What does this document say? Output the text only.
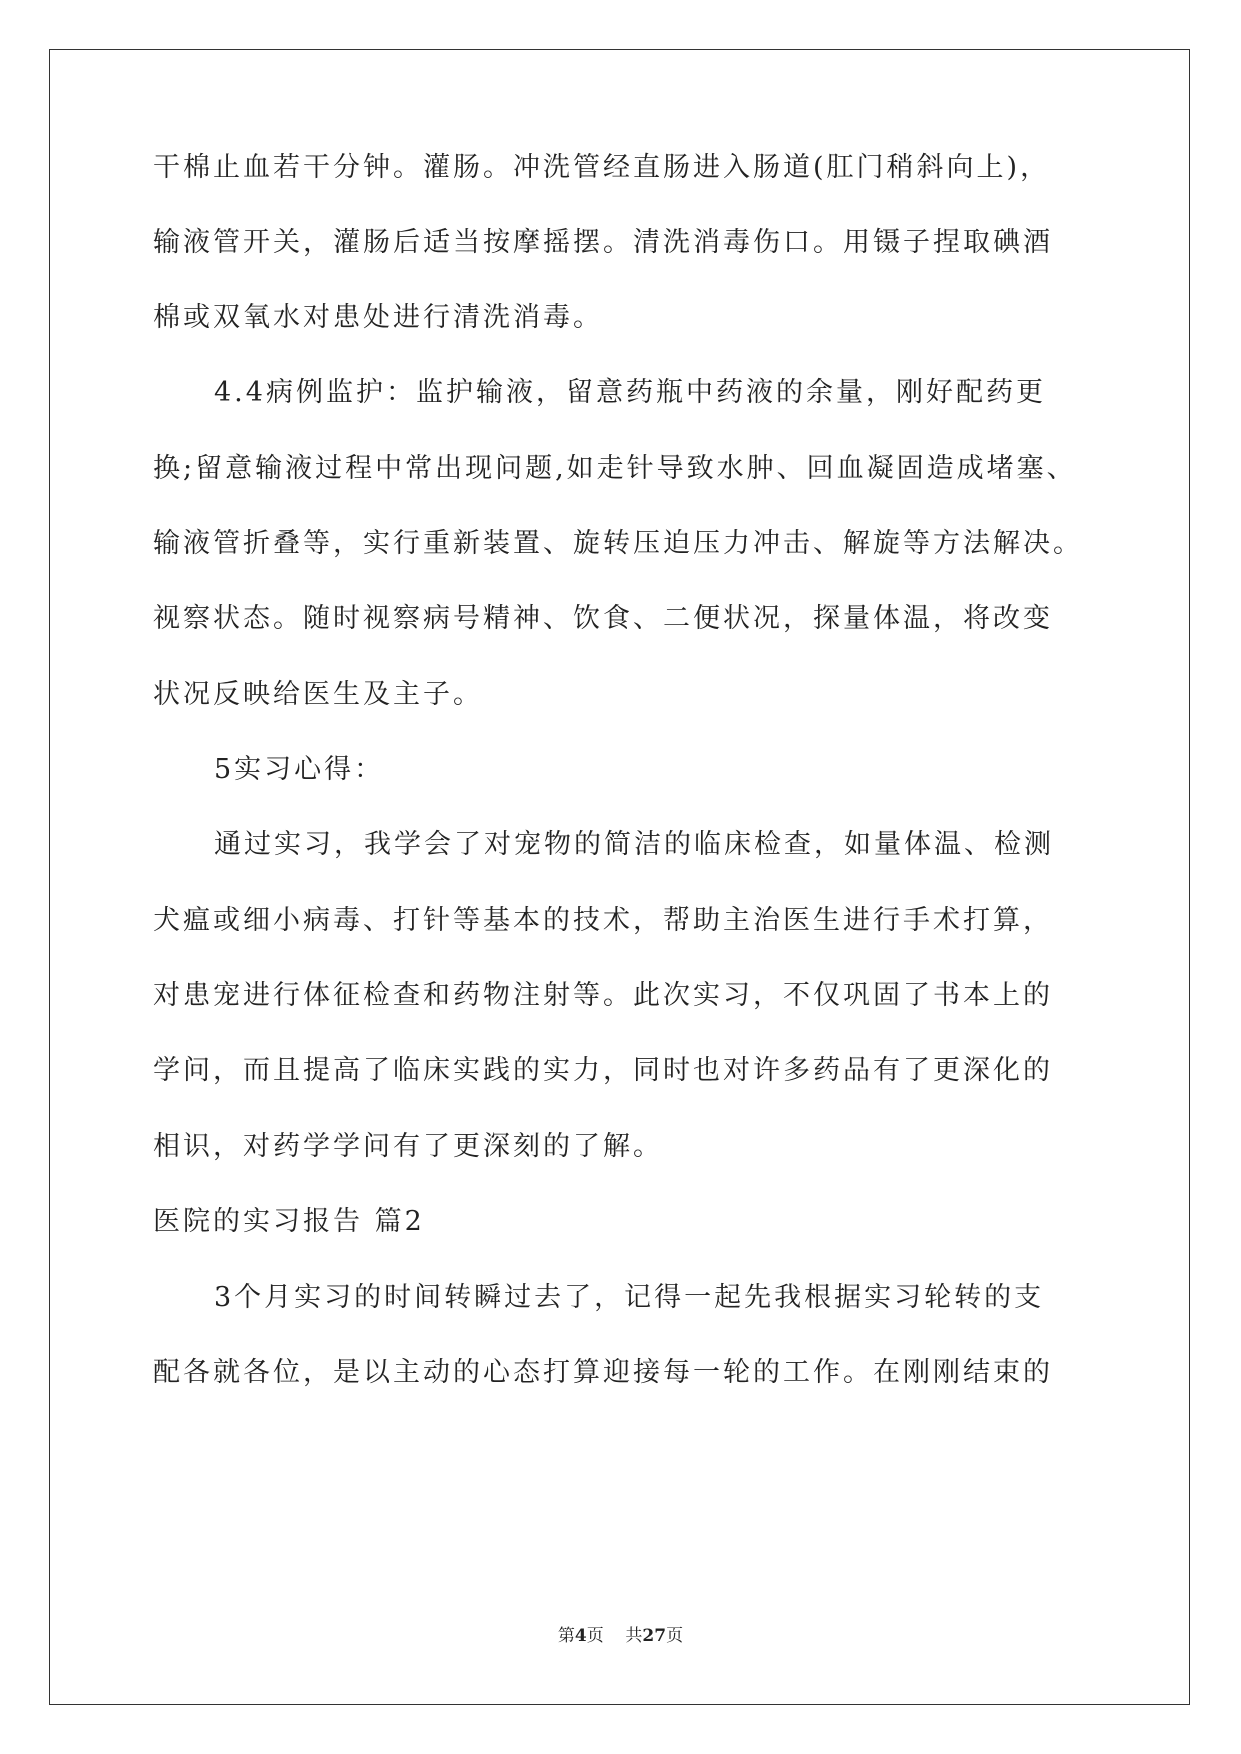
干棉止血若干分钟。灌肠。冲洗管经直肠进入肠道(肛门稍斜向上)，
输液管开关，灌肠后适当按摩摇摆。清洗消毒伤口。用镊子捏取碘酒
棉或双氧水对患处进行清洗消毒。
4.4病例监护：监护输液，留意药瓶中药液的余量，刚好配药更
换;留意输液过程中常出现问题,如走针导致水肿、回血凝固造成堵塞、
输液管折叠等，实行重新装置、旋转压迫压力冲击、解旋等方法解决。
视察状态。随时视察病号精神、饮食、二便状况，探量体温，将改变
状况反映给医生及主子。
5实习心得：
通过实习，我学会了对宠物的简洁的临床检查，如量体温、检测
犬瘟或细小病毒、打针等基本的技术，帮助主治医生进行手术打算，
对患宠进行体征检查和药物注射等。此次实习，不仅巩固了书本上的
学问，而且提高了临床实践的实力，同时也对许多药品有了更深化的
相识，对药学学问有了更深刻的了解。
医院的实习报告 篇2
3个月实习的时间转瞬过去了，记得一起先我根据实习轮转的支
配各就各位，是以主动的心态打算迎接每一轮的工作。在刚刚结束的
第4页 共27页
